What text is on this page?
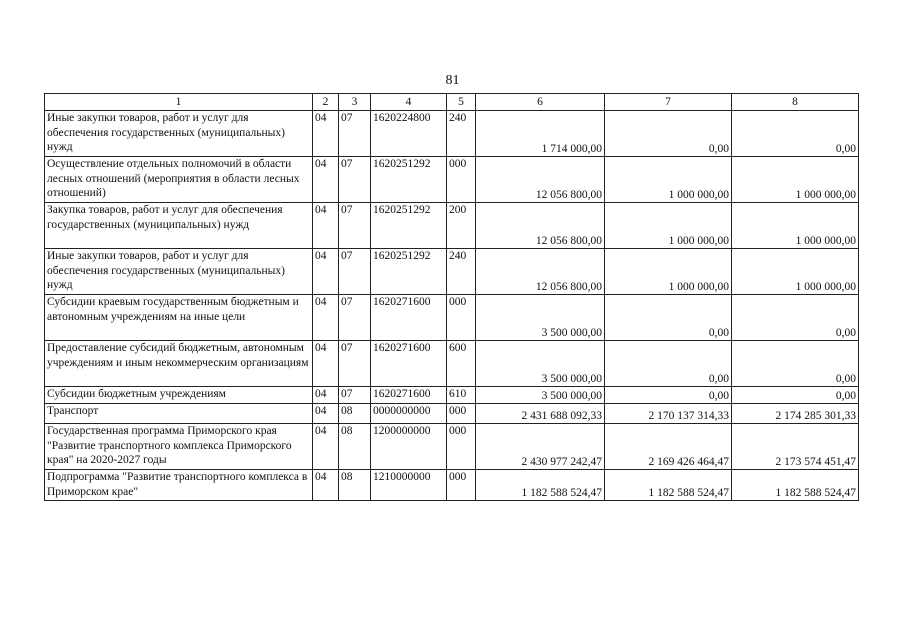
81
1	2	3	4	5	6	7	8
Иные закупки товаров, работ и услуг для обеспечения государственных (муниципальных) нужд	04	07	1620224800	240	1 714 000,00	0,00	0,00
Осуществление отдельных полномочий в области лесных отношений (мероприятия в области лесных отношений)	04	07	1620251292	000	12 056 800,00	1 000 000,00	1 000 000,00
Закупка товаров, работ и услуг для обеспечения государственных (муниципальных) нужд	04	07	1620251292	200	12 056 800,00	1 000 000,00	1 000 000,00
Иные закупки товаров, работ и услуг для обеспечения государственных (муниципальных) нужд	04	07	1620251292	240	12 056 800,00	1 000 000,00	1 000 000,00
Субсидии краевым государственным бюджетным и автономным учреждениям на иные цели	04	07	1620271600	000	3 500 000,00	0,00	0,00
Предоставление субсидий бюджетным, автономным учреждениям и иным некоммерческим организациям	04	07	1620271600	600	3 500 000,00	0,00	0,00
Субсидии бюджетным учреждениям	04	07	1620271600	610	3 500 000,00	0,00	0,00
Транспорт	04	08	0000000000	000	2 431 688 092,33	2 170 137 314,33	2 174 285 301,33
Государственная программа Приморского края "Развитие транспортного комплекса Приморского края" на 2020-2027 годы	04	08	1200000000	000	2 430 977 242,47	2 169 426 464,47	2 173 574 451,47
Подпрограмма "Развитие транспортного комплекса в Приморском крае"	04	08	1210000000	000	1 182 588 524,47	1 182 588 524,47	1 182 588 524,47
